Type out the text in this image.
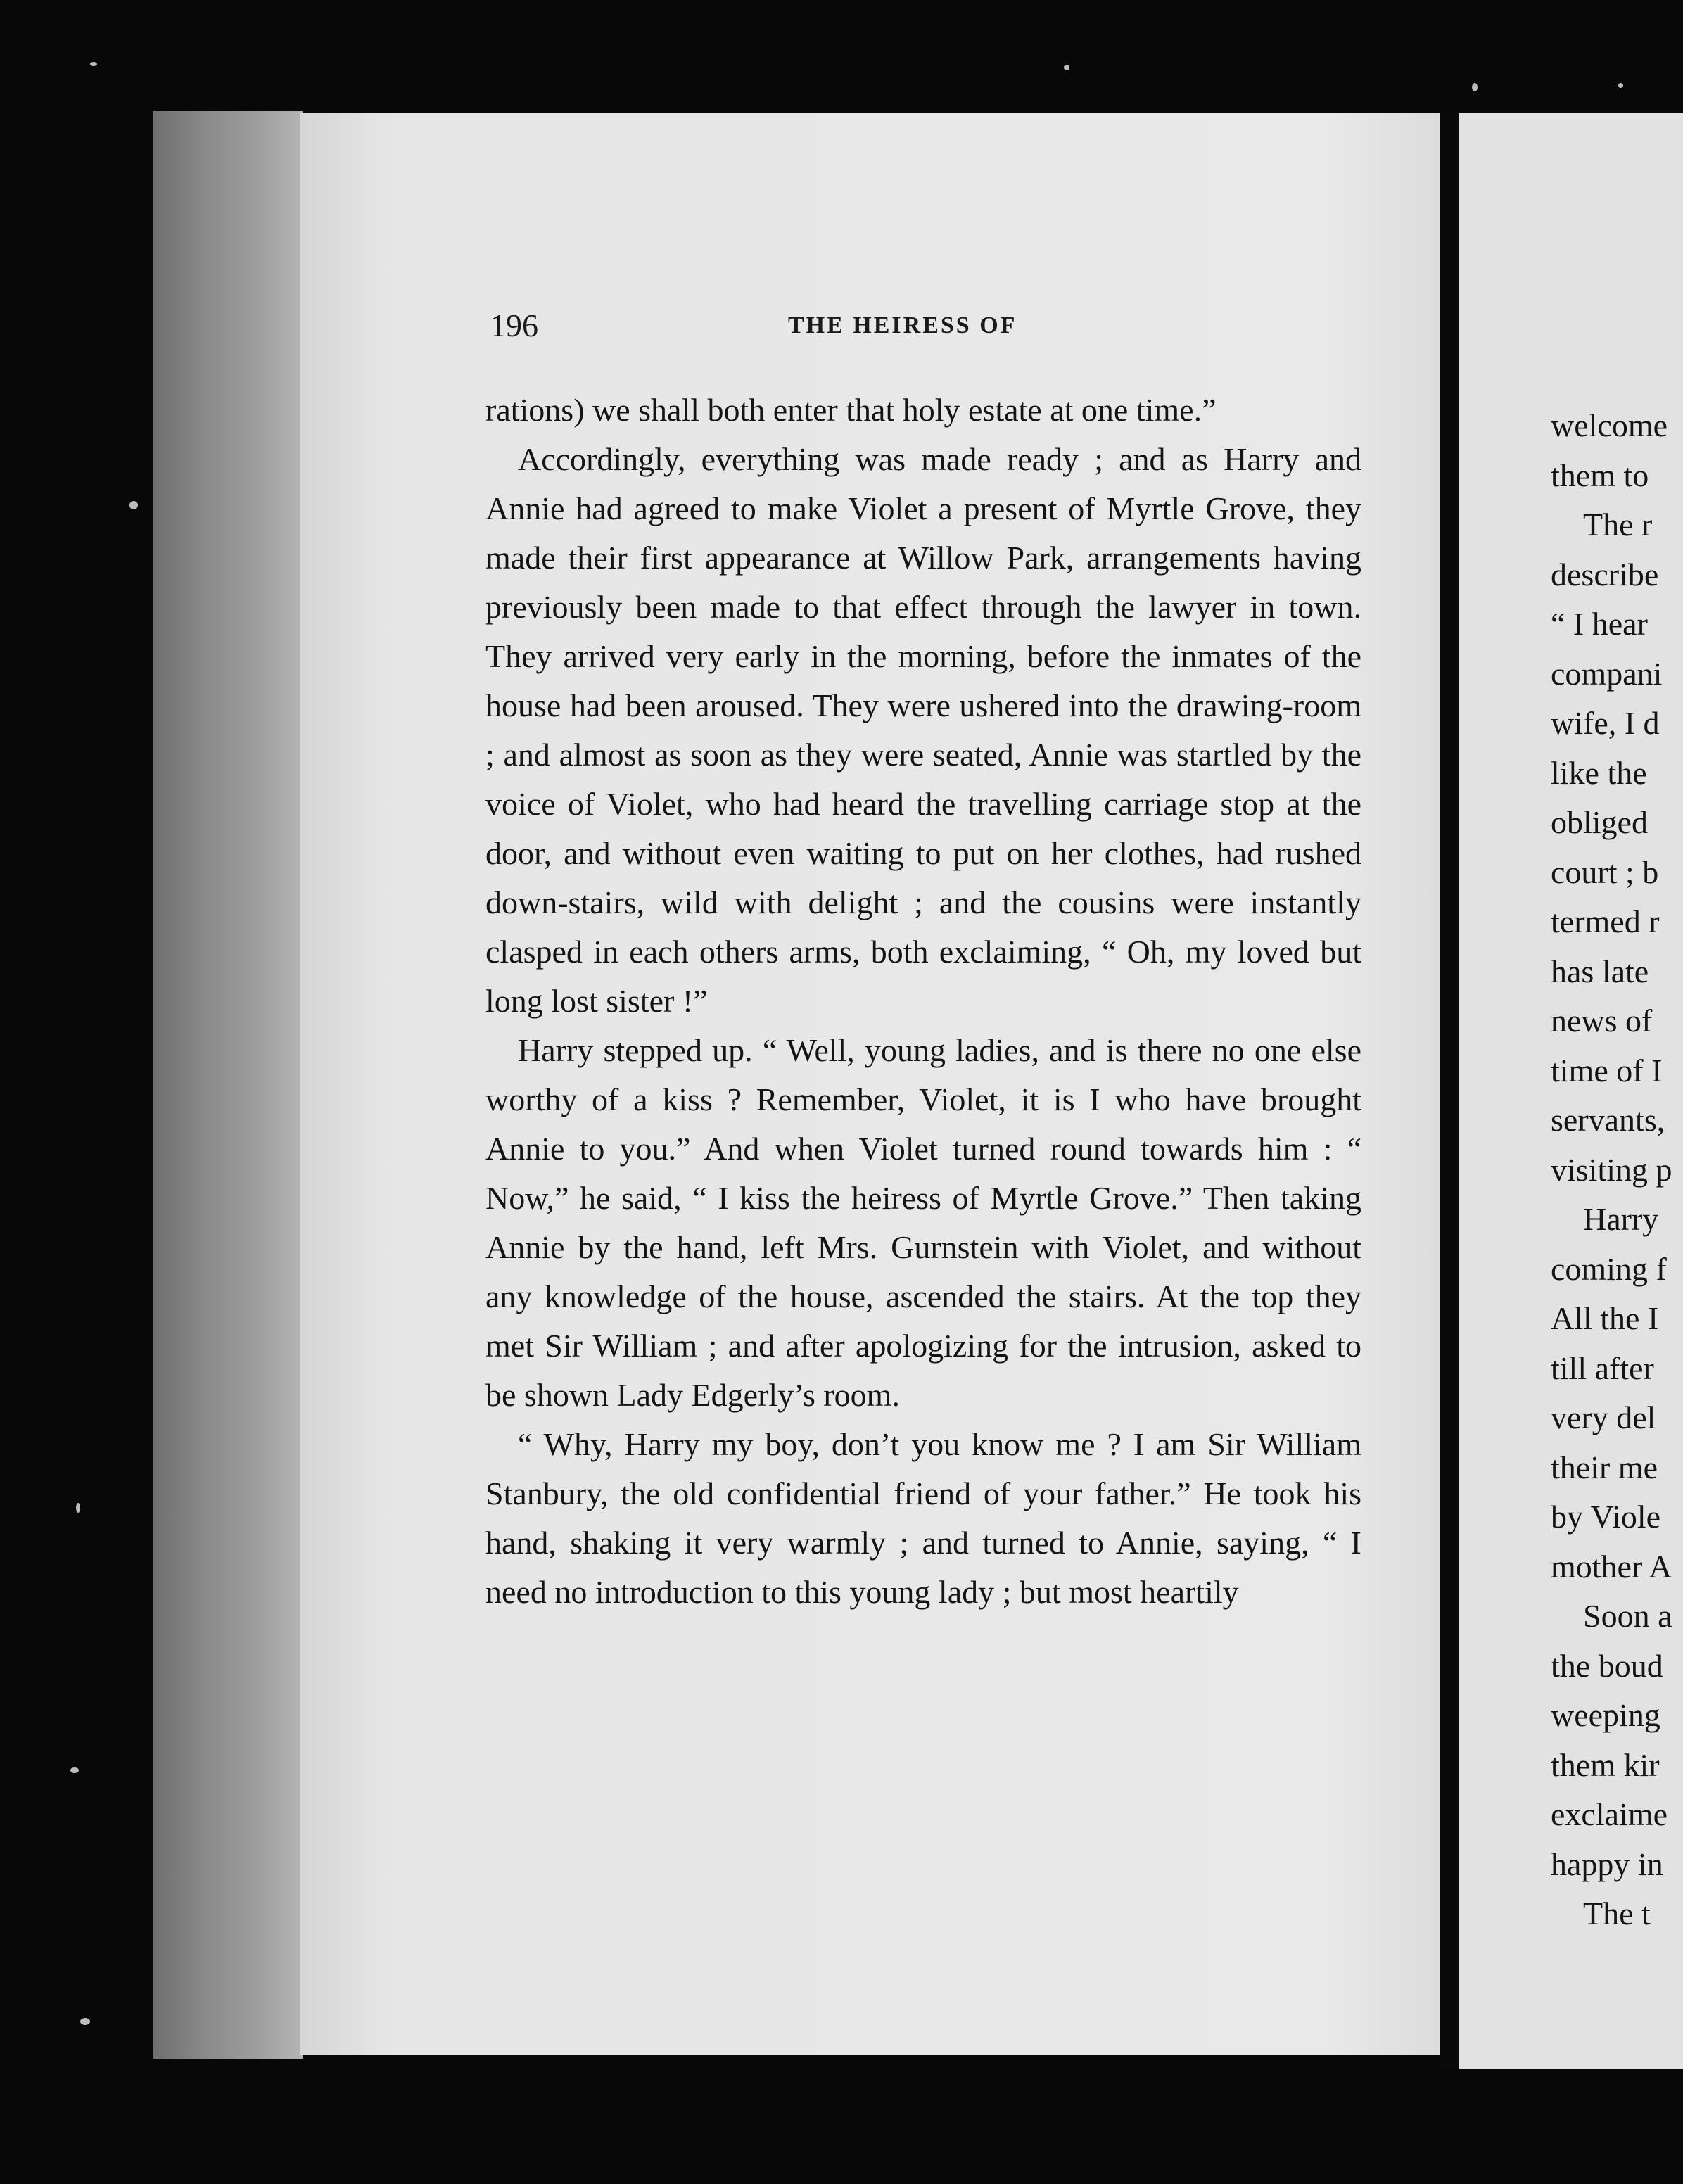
welcome
them to
The r
describe
“ I hear
compani
wife, I d
like the
obliged
court ; b
termed r
has late
news of
time of I
servants,
visiting p
Harry
coming f
All the I
till after
very del
their me
by Viole
mother A
Soon a
the boud
weeping
them kir
exclaime
happy in
The t
196	THE HEIRESS OF

rations) we shall both enter that holy estate at one time.”

Accordingly, everything was made ready ; and as Harry and Annie had agreed to make Violet a present of Myrtle Grove, they made their first appearance at Willow Park, arrangements having previously been made to that effect through the lawyer in town. They arrived very early in the morning, before the inmates of the house had been aroused. They were ushered into the drawing-room ; and almost as soon as they were seated, Annie was startled by the voice of Violet, who had heard the travelling carriage stop at the door, and without even waiting to put on her clothes, had rushed down-stairs, wild with delight ; and the cousins were instantly clasped in each others arms, both exclaiming, “ Oh, my loved but long lost sister !”

Harry stepped up. “ Well, young ladies, and is there no one else worthy of a kiss ? Remember, Violet, it is I who have brought Annie to you.” And when Violet turned round towards him : “ Now,” he said, “ I kiss the heiress of Myrtle Grove.” Then taking Annie by the hand, left Mrs. Gurnstein with Violet, and without any knowledge of the house, ascended the stairs. At the top they met Sir William ; and after apologizing for the intrusion, asked to be shown Lady Edgerly’s room.

“ Why, Harry my boy, don’t you know me ? I am Sir William Stanbury, the old confidential friend of your father.” He took his hand, shaking it very warmly ; and turned to Annie, saying, “ I need no introduction to this young lady ; but most heartily
